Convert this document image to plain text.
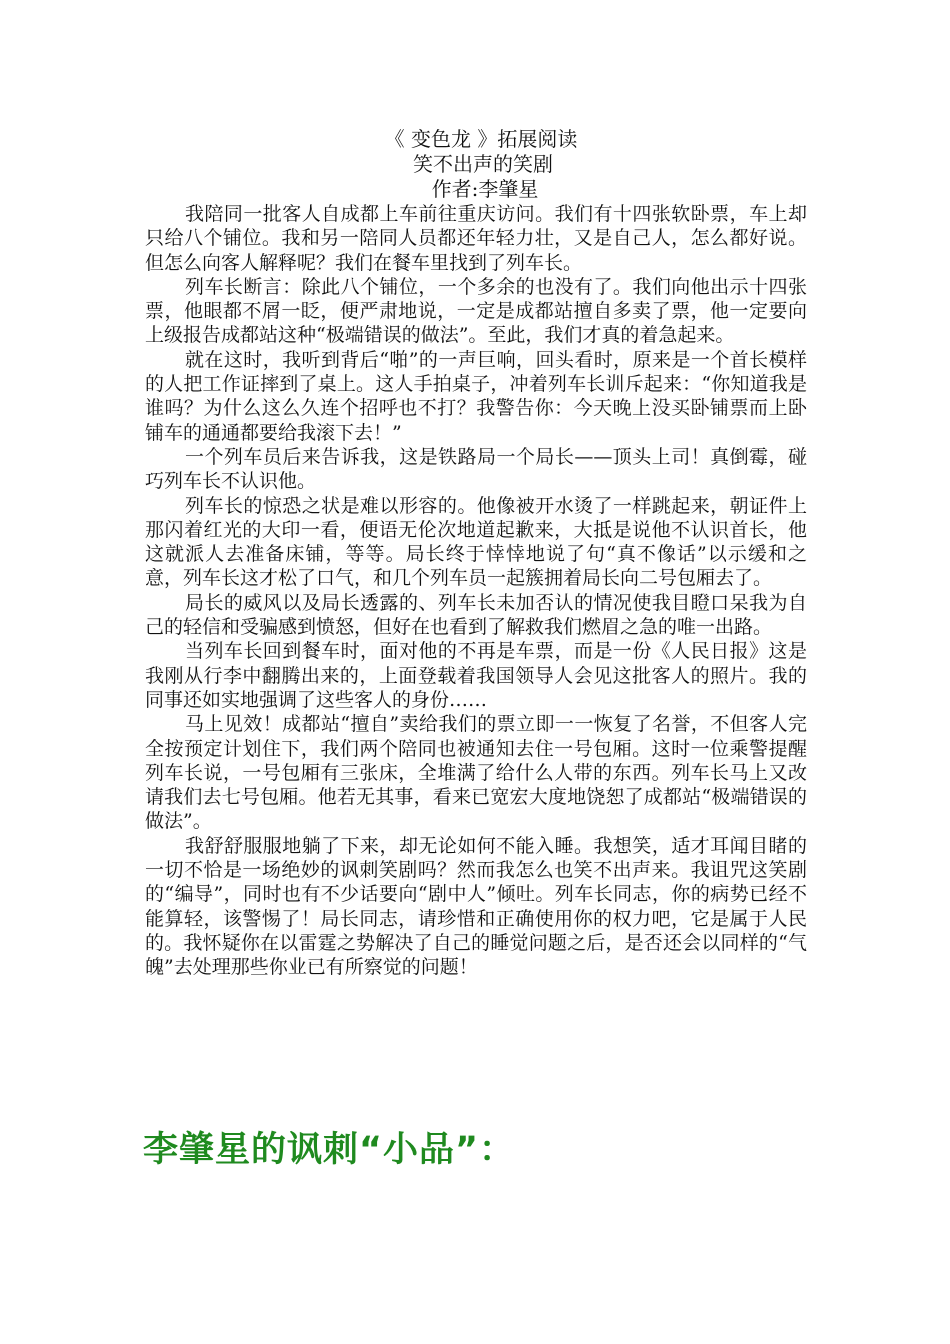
《 变色龙 》拓展阅读
笑不出声的笑剧
作者:李肇星

我陪同一批客人自成都上车前往重庆访问。我们有十四张软卧票，车上却只给八个铺位。我和另一陪同人员都还年轻力壮，又是自己人，怎么都好说。但怎么向客人解释呢？我们在餐车里找到了列车长。

列车长断言：除此八个铺位，一个多余的也没有了。我们向他出示十四张票，他眼都不屑一眨，便严肃地说，一定是成都站擅自多卖了票，他一定要向上级报告成都站这种“极端错误的做法”。至此，我们才真的着急起来。

就在这时，我听到背后“啪”的一声巨响，回头看时，原来是一个首长模样的人把工作证摔到了桌上。这人手拍桌子，冲着列车长训斥起来：“你知道我是谁吗？为什么这么久连个招呼也不打？我警告你：今天晚上没买卧铺票而上卧铺车的通通都要给我滚下去！”

一个列车员后来告诉我，这是铁路局一个局长——顶头上司！真倒霉，碰巧列车长不认识他。

列车长的惊恐之状是难以形容的。他像被开水烫了一样跳起来，朝证件上那闪着红光的大印一看，便语无伦次地道起歉来，大抵是说他不认识首长，他这就派人去准备床铺，等等。局长终于悻悻地说了句“真不像话”以示缓和之意，列车长这才松了口气，和几个列车员一起簇拥着局长向二号包厢去了。

局长的威风以及局长透露的、列车长未加否认的情况使我目瞪口呆我为自己的轻信和受骗感到愤怒，但好在也看到了解救我们燃眉之急的唯一出路。

当列车长回到餐车时，面对他的不再是车票，而是一份《人民日报》这是我刚从行李中翻腾出来的，上面登载着我国领导人会见这批客人的照片。我的同事还如实地强调了这些客人的身份……

马上见效！成都站“擅自”卖给我们的票立即一一恢复了名誉，不但客人完全按预定计划住下，我们两个陪同也被通知去住一号包厢。这时一位乘警提醒列车长说，一号包厢有三张床，全堆满了给什么人带的东西。列车长马上又改请我们去七号包厢。他若无其事，看来已宽宏大度地饶恕了成都站“极端错误的做法”。

我舒舒服服地躺了下来，却无论如何不能入睡。我想笑，适才耳闻目睹的一切不恰是一场绝妙的讽刺笑剧吗？然而我怎么也笑不出声来。我诅咒这笑剧的“编导”，同时也有不少话要向“剧中人”倾吐。列车长同志，你的病势已经不能算轻，该警惕了！局长同志，请珍惜和正确使用你的权力吧，它是属于人民的。我怀疑你在以雷霆之势解决了自己的睡觉问题之后，是否还会以同样的“气魄”去处理那些你业已有所察觉的问题！

李肇星的讽刺“小品”：
